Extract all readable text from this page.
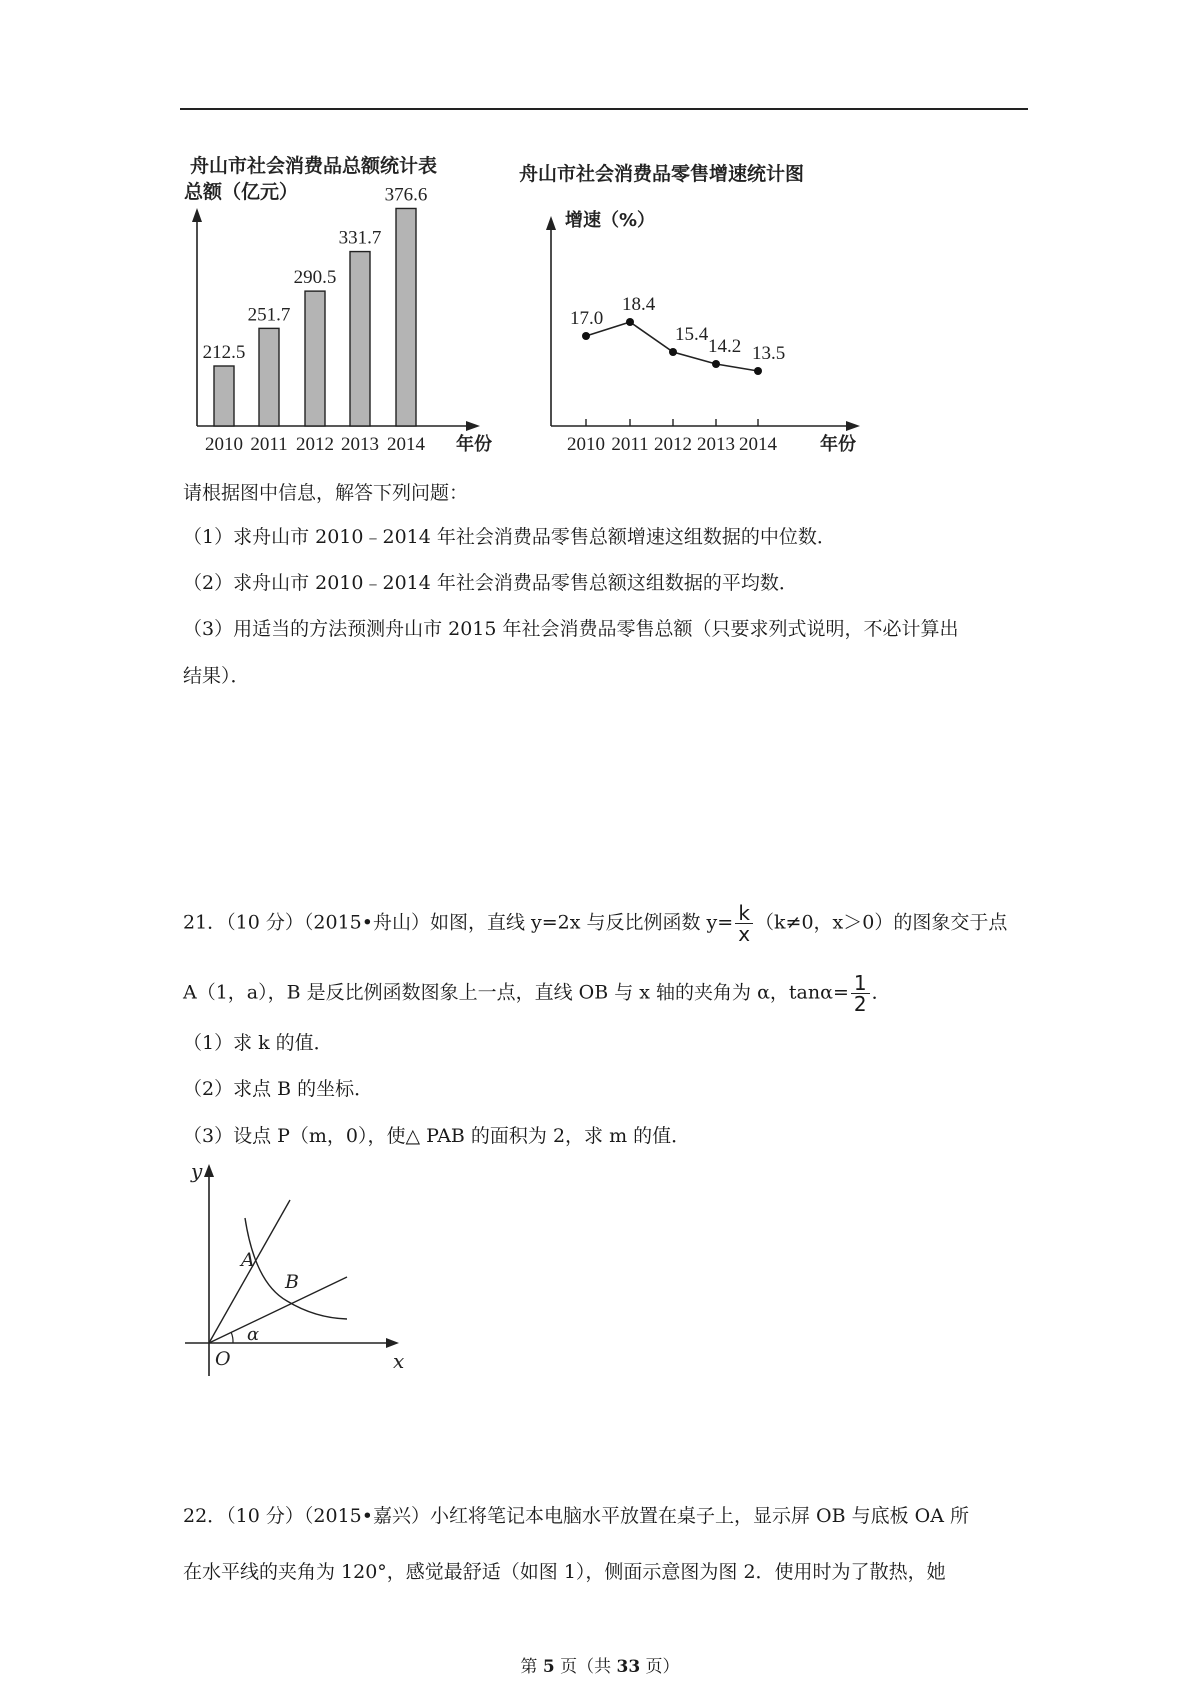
舟山市社会消费品总额统计表
总额（亿元）
年份
212.5
2010
251.7
2011
290.5
2012
331.7
2013
376.6
2014
舟山市社会消费品零售增速统计图
增速（%）
年份
17.0
2010
18.4
2011
15.4
2012
14.2
2013
13.5
2014
请根据图中信息，解答下列问题：
（1）求舟山市 2010﹣2014 年社会消费品零售总额增速这组数据的中位数．
（2）求舟山市 2010﹣2014 年社会消费品零售总额这组数据的平均数．
（3）用适当的方法预测舟山市 2015 年社会消费品零售总额（只要求列式说明，不必计算出
结果）．
21．（10 分）（2015•舟山）如图，直线 y=2x 与反比例函数 $y= \frac{k}{x} (k\ne 0$，x＞0）的图象交于点
A（1，a），B 是反比例函数图象上一点，直线 OB 与 x 轴的夹角为 α，$\tan\alpha= \frac{1}{2}$ ．
（1）求 k 的值．
（2）求点 B 的坐标．
（3）设点 P（m，0），使△ PAB 的面积为 2，求 m 的值．
y
x
O
A
B
α
22．（10 分）（2015•嘉兴）小红将笔记本电脑水平放置在桌子上，显示屏 OB 与底板 OA 所
在水平线的夹角为 120°，感觉最舒适（如图 1），侧面示意图为图 2．使用时为了散热，她
第 5 页（共 33 页）
